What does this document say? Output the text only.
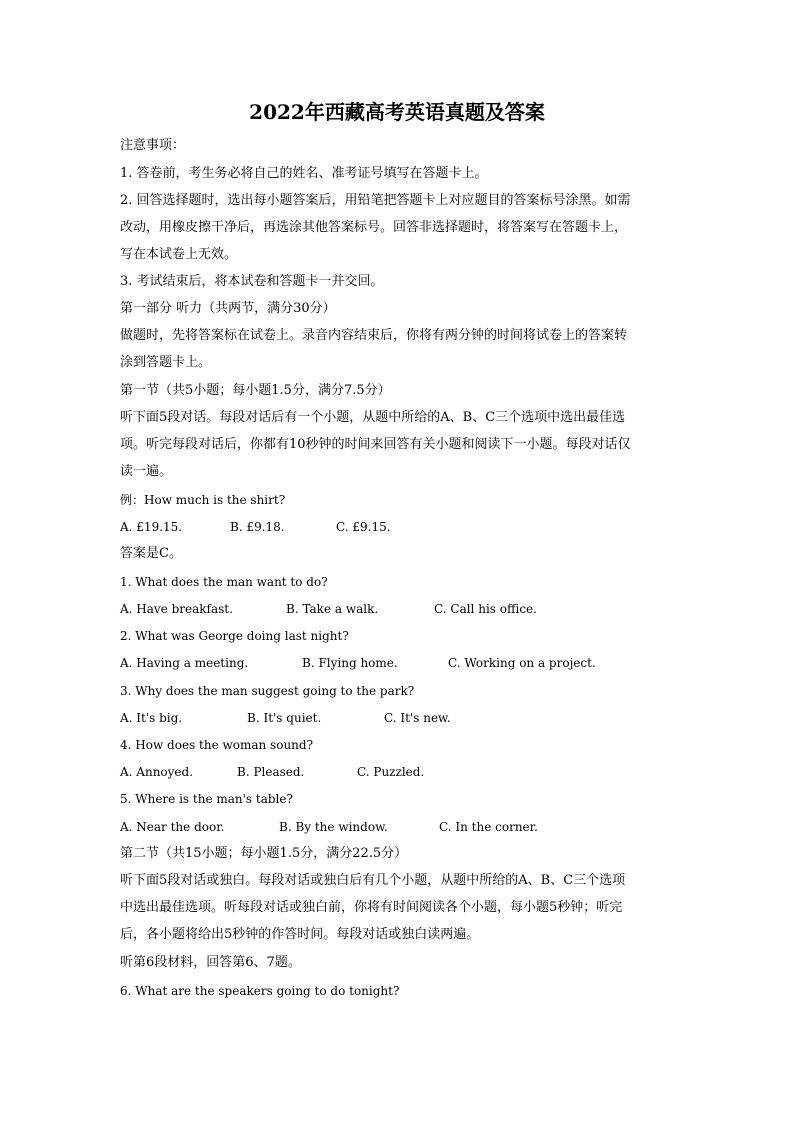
2022年西藏高考英语真题及答案
注意事项：
1. 答卷前，考生务必将自己的姓名、准考证号填写在答题卡上。
2. 回答选择题时，选出每小题答案后，用铅笔把答题卡上对应题目的答案标号涂黑。如需
改动，用橡皮擦干净后，再选涂其他答案标号。回答非选择题时，将答案写在答题卡上，
写在本试卷上无效。
3. 考试结束后，将本试卷和答题卡一并交回。
第一部分 听力（共两节，满分30分）
做题时，先将答案标在试卷上。录音内容结束后，你将有两分钟的时间将试卷上的答案转
涂到答题卡上。
第一节（共5小题；每小题1.5分，满分7.5分）
听下面5段对话。每段对话后有一个小题，从题中所给的A、B、C三个选项中选出最佳选
项。听完每段对话后，你都有10秒钟的时间来回答有关小题和阅读下一小题。每段对话仅
读一遍。
例：How much is the shirt?
A. £19.15.	B. £9.18.	C. £9.15.
答案是C。
1. What does the man want to do?
A. Have breakfast.	B. Take a walk.	C. Call his office.
2. What was George doing last night?
A. Having a meeting.	B. Flying home.	C. Working on a project.
3. Why does the man suggest going to the park?
A. It's big.	B. It's quiet.	C. It's new.
4. How does the woman sound?
A. Annoyed.	B. Pleased.	C. Puzzled.
5. Where is the man's table?
A. Near the door.	B. By the window.	C. In the corner.
第二节（共15小题；每小题1.5分，满分22.5分）
听下面5段对话或独白。每段对话或独白后有几个小题，从题中所给的A、B、C三个选项
中选出最佳选项。听每段对话或独白前，你将有时间阅读各个小题，每小题5秒钟；听完
后，各小题将给出5秒钟的作答时间。每段对话或独白读两遍。
听第6段材料，回答第6、7题。
6. What are the speakers going to do tonight?
